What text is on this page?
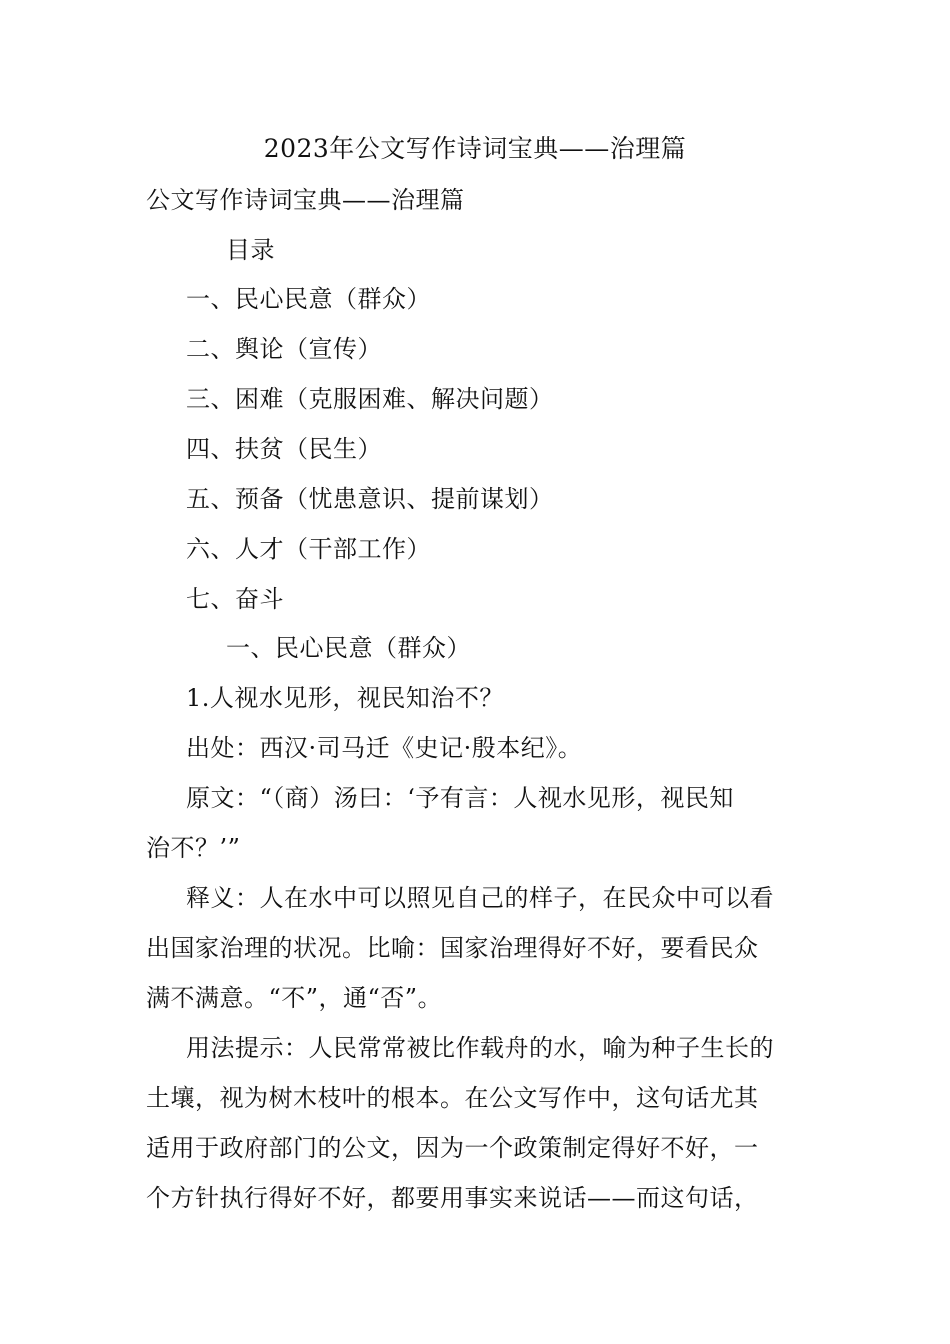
2023年公文写作诗词宝典——治理篇
公文写作诗词宝典——治理篇
目录
一、民心民意（群众）
二、舆论（宣传）
三、困难（克服困难、解决问题）
四、扶贫（民生）
五、预备（忧患意识、提前谋划）
六、人才（干部工作）
七、奋斗
一、民心民意（群众）
1.人视水见形，视民知治不？
出处：西汉·司马迁《史记·殷本纪》。
原文：“（商）汤曰：‘予有言：人视水见形，视民知
治不？’”
释义：人在水中可以照见自己的样子，在民众中可以看
出国家治理的状况。比喻：国家治理得好不好，要看民众
满不满意。“不”，通“否”。
用法提示：人民常常被比作载舟的水，喻为种子生长的
土壤，视为树木枝叶的根本。在公文写作中，这句话尤其
适用于政府部门的公文，因为一个政策制定得好不好，一
个方针执行得好不好，都要用事实来说话——而这句话，
